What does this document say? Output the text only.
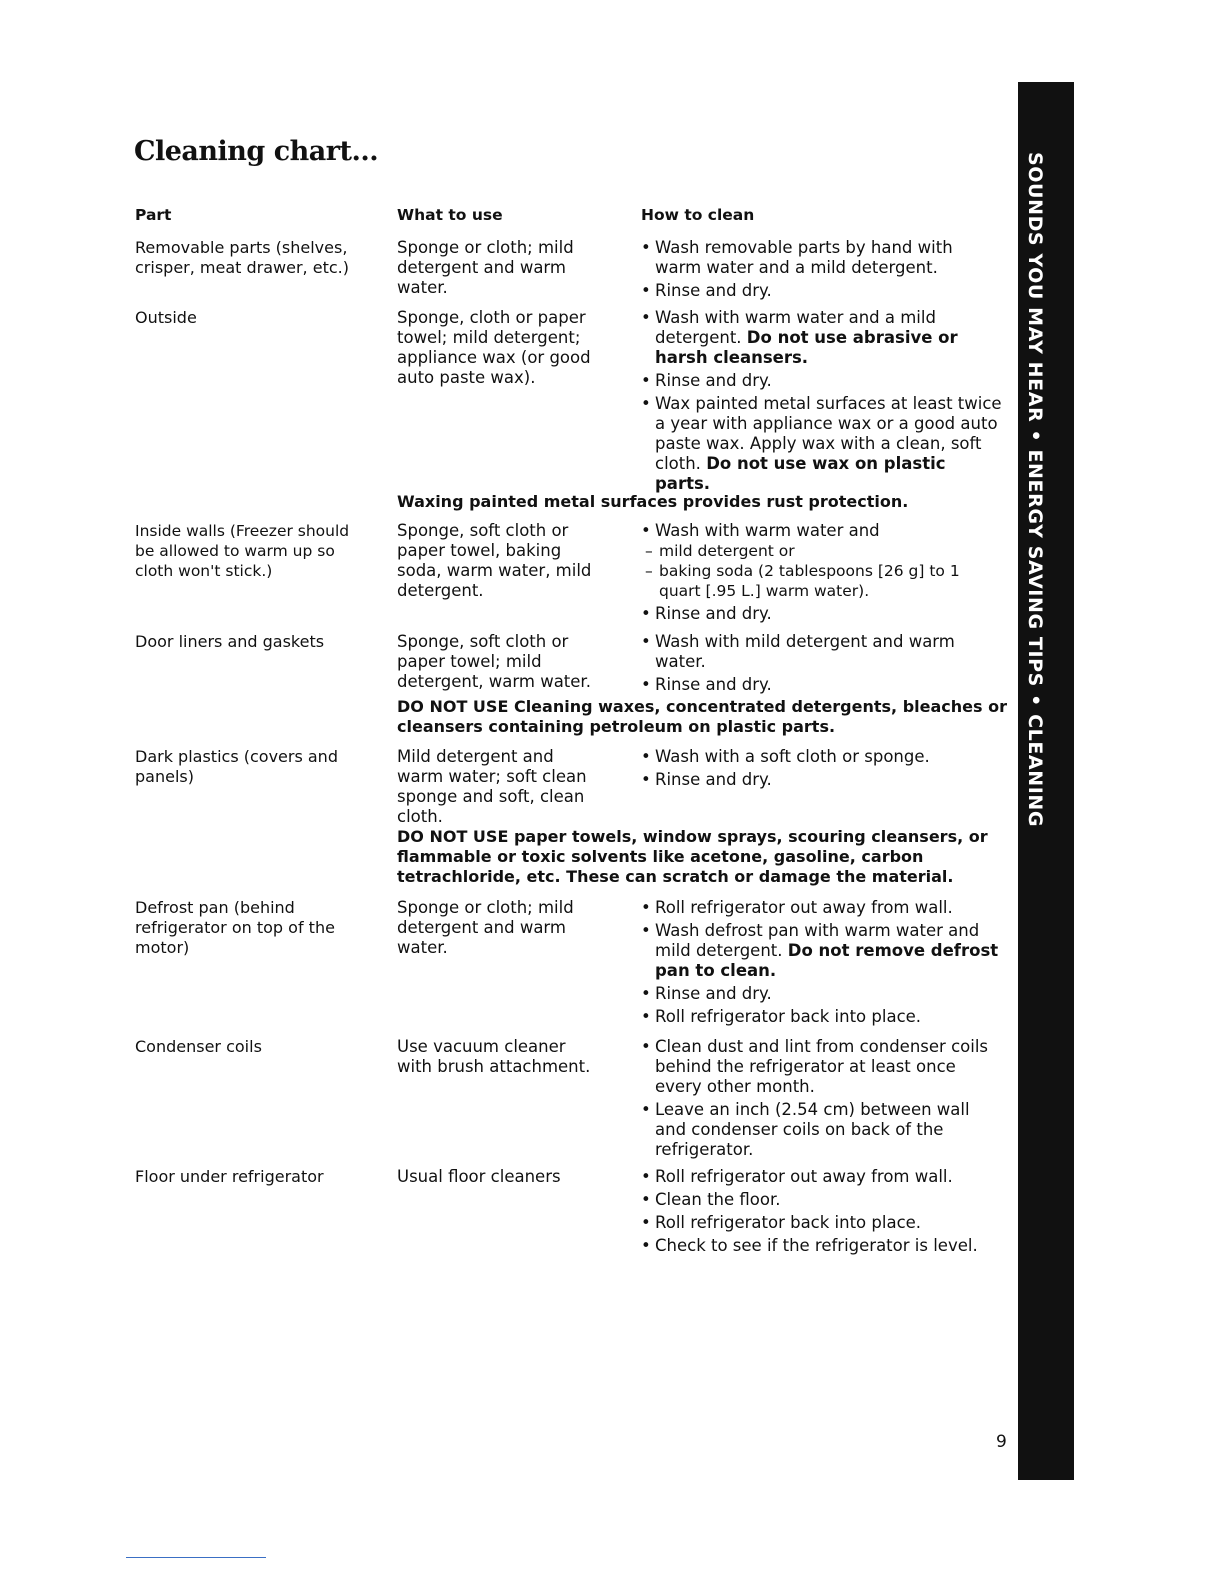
Cleaning chart...
Part	What to use	How to clean
Removable parts (shelves, crisper, meat drawer, etc.)
Sponge or cloth; mild detergent and warm water.
• Wash removable parts by hand with warm water and a mild detergent.
• Rinse and dry.
Outside	Sponge, cloth or paper towel; mild detergent; appliance wax (or good auto paste wax).
• Wash with warm water and a mild detergent. Do not use abrasive or harsh cleansers.
• Rinse and dry.
• Wax painted metal surfaces at least twice a year with appliance wax or a good auto paste wax. Apply wax with a clean, soft cloth. Do not use wax on plastic parts.
Waxing painted metal surfaces provides rust protection.
Inside walls (Freezer should be allowed to warm up so cloth won't stick.)
Sponge, soft cloth or paper towel, baking soda, warm water, mild detergent.
• Wash with warm water and
– mild detergent or
– baking soda (2 tablespoons [26 g] to 1 quart [.95 L.] warm water).
• Rinse and dry.
Door liners and gaskets	Sponge, soft cloth or paper towel; mild detergent, warm water.
• Wash with mild detergent and warm water.
• Rinse and dry.
DO NOT USE Cleaning waxes, concentrated detergents, bleaches or cleansers containing petroleum on plastic parts.
Dark plastics (covers and panels)
Mild detergent and warm water; soft clean sponge and soft, clean cloth.
• Wash with a soft cloth or sponge.
• Rinse and dry.
DO NOT USE paper towels, window sprays, scouring cleansers, or flammable or toxic solvents like acetone, gasoline, carbon tetrachloride, etc. These can scratch or damage the material.
Defrost pan (behind refrigerator on top of the motor)
Sponge or cloth; mild detergent and warm water.
• Roll refrigerator out away from wall.
• Wash defrost pan with warm water and mild detergent. Do not remove defrost pan to clean.
• Rinse and dry.
• Roll refrigerator back into place.
Condenser coils	Use vacuum cleaner with brush attachment.
• Clean dust and lint from condenser coils behind the refrigerator at least once every other month.
• Leave an inch (2.54 cm) between wall and condenser coils on back of the refrigerator.
Floor under refrigerator	Usual floor cleaners
•	Roll refrigerator out away from wall.
• Clean the floor.
• Roll refrigerator back into place.
• Check to see if the refrigerator is level.
SOUNDS YOU MAY HEAR • ENERGY SAVING TIPS • CLEANING
9
